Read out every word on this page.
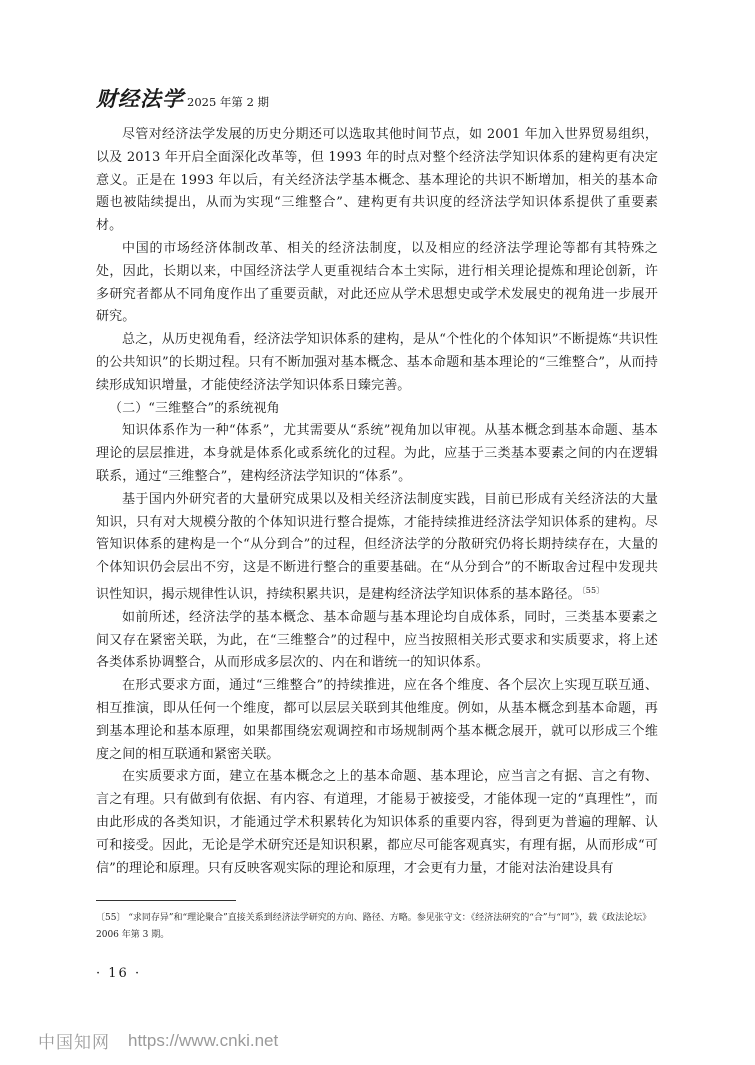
财经法学 2025 年第 2 期

尽管对经济法学发展的历史分期还可以选取其他时间节点，如 2001 年加入世界贸易组织，以及 2013 年开启全面深化改革等，但 1993 年的时点对整个经济法学知识体系的建构更有决定意义。正是在 1993 年以后，有关经济法学基本概念、基本理论的共识不断增加，相关的基本命题也被陆续提出，从而为实现“三维整合”、建构更有共识度的经济法学知识体系提供了重要素材。

中国的市场经济体制改革、相关的经济法制度，以及相应的经济法学理论等都有其特殊之处，因此，长期以来，中国经济法学人更重视结合本土实际，进行相关理论提炼和理论创新，许多研究者都从不同角度作出了重要贡献，对此还应从学术思想史或学术发展史的视角进一步展开研究。

总之，从历史视角看，经济法学知识体系的建构，是从“个性化的个体知识”不断提炼“共识性的公共知识”的长期过程。只有不断加强对基本概念、基本命题和基本理论的“三维整合”，从而持续形成知识增量，才能使经济法学知识体系日臻完善。

（二）“三维整合”的系统视角

知识体系作为一种“体系”，尤其需要从“系统”视角加以审视。从基本概念到基本命题、基本理论的层层推进，本身就是体系化或系统化的过程。为此，应基于三类基本要素之间的内在逻辑联系，通过“三维整合”，建构经济法学知识的“体系”。

基于国内外研究者的大量研究成果以及相关经济法制度实践，目前已形成有关经济法的大量知识，只有对大规模分散的个体知识进行整合提炼，才能持续推进经济法学知识体系的建构。尽管知识体系的建构是一个“从分到合”的过程，但经济法学的分散研究仍将长期持续存在，大量的个体知识仍会层出不穷，这是不断进行整合的重要基础。在“从分到合”的不断取舍过程中发现共识性知识，揭示规律性认识，持续积累共识，是建构经济法学知识体系的基本路径。$^{〔55〕}$

如前所述，经济法学的基本概念、基本命题与基本理论均自成体系，同时，三类基本要素之间又存在紧密关联，为此，在“三维整合”的过程中，应当按照相关形式要求和实质要求，将上述各类体系协调整合，从而形成多层次的、内在和谐统一的知识体系。

在形式要求方面，通过“三维整合”的持续推进，应在各个维度、各个层次上实现互联互通、相互推演，即从任何一个维度，都可以层层关联到其他维度。例如，从基本概念到基本命题，再到基本理论和基本原理，如果都围绕宏观调控和市场规制两个基本概念展开，就可以形成三个维度之间的相互联通和紧密关联。

在实质要求方面，建立在基本概念之上的基本命题、基本理论，应当言之有据、言之有物、言之有理。只有做到有依据、有内容、有道理，才能易于被接受，才能体现一定的“真理性”，而由此形成的各类知识，才能通过学术积累转化为知识体系的重要内容，得到更为普遍的理解、认可和接受。因此，无论是学术研究还是知识积累，都应尽可能客观真实，有理有据，从而形成“可信”的理论和原理。只有反映客观实际的理论和原理，才会更有力量，才能对法治建设具有

〔55〕 “求同存异”和“理论聚合”直接关系到经济法学研究的方向、路径、方略。参见张守文：《经济法研究的“合”与“同”》，载《政法论坛》2006 年第 3 期。
· 16 ·
中国知网 https://www.cnki.net
